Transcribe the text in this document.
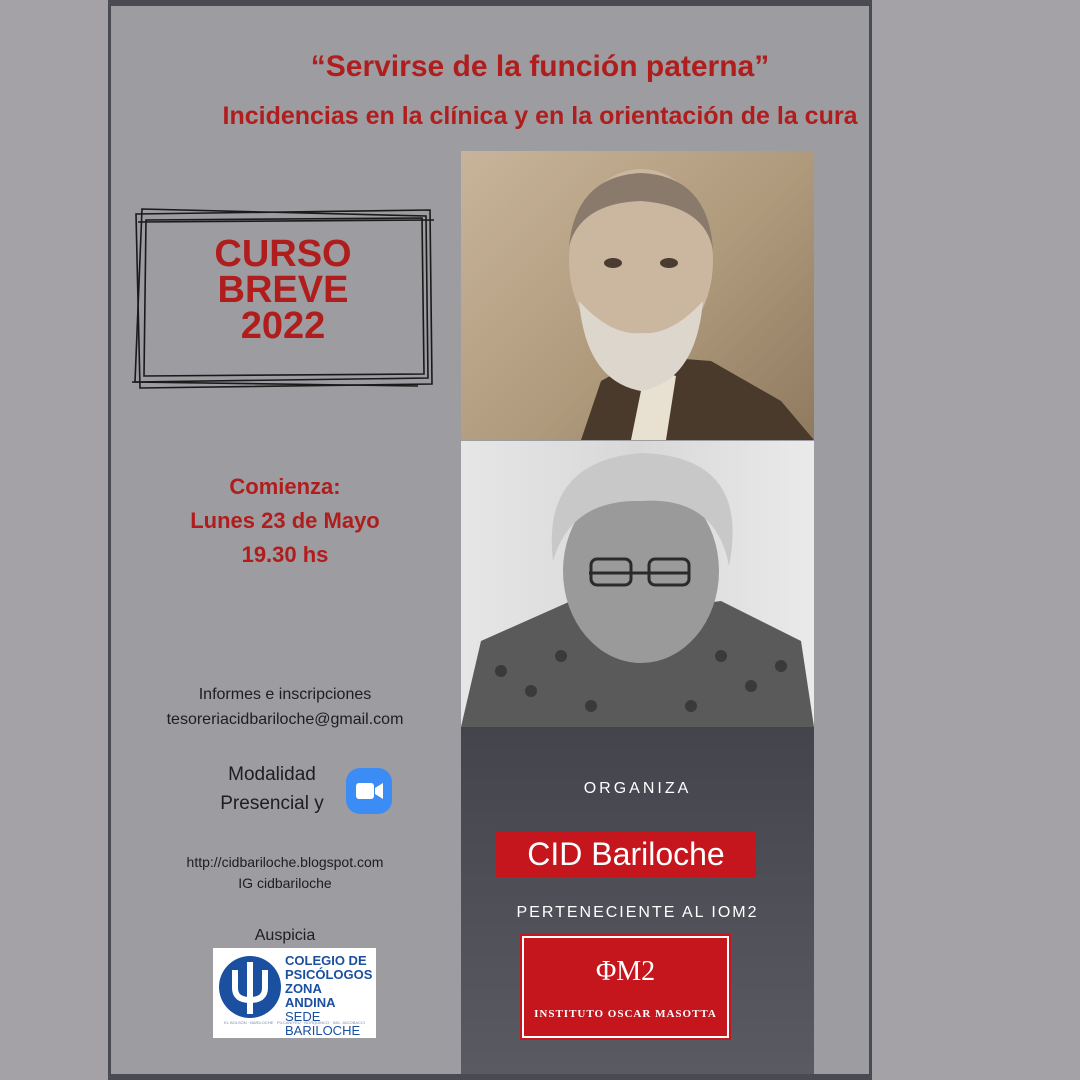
“Servirse de la función paterna”
Incidencias en la clínica y en la orientación de la cura
CURSO
BREVE
2022
Comienza:
Lunes 23 de Mayo
19.30 hs
Informes e inscripciones
tesoreriacidbariloche@gmail.com
Modalidad
Presencial y
http://cidbariloche.blogspot.com
IG cidbariloche
Auspicia
COLEGIO DE
PSICÓLOGOS
ZONA ANDINA
SEDE BARILOCHE
EL BOLSÓN · BARILOCHE · PILCANIYEU · ÑORQUINCO · ING. JACOBACCI
ORGANIZA
CID Bariloche
PERTENECIENTE AL IOM2
ΦM2
INSTITUTO OSCAR MASOTTA
